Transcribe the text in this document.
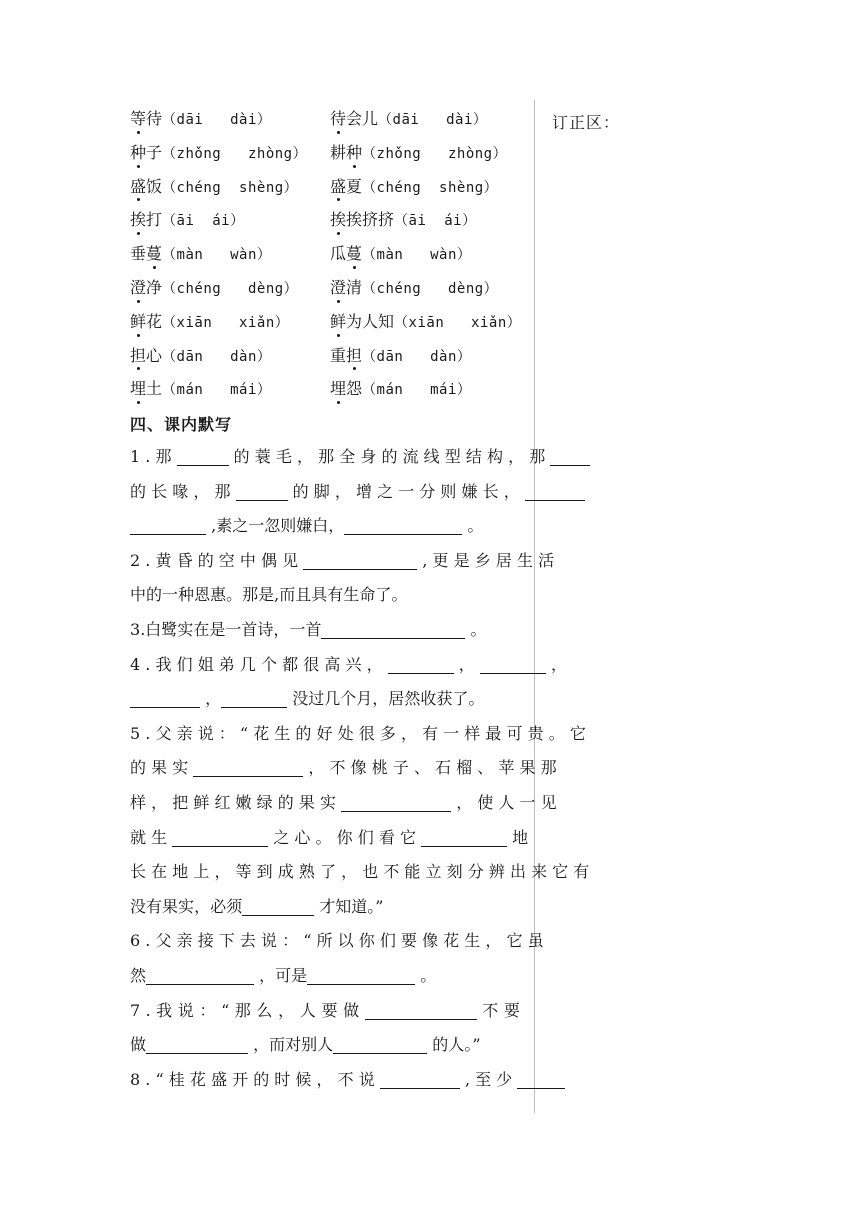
订正区：
等待（dāi   dài）	待会儿（dāi   dài）
种子（zhǒng   zhòng） 耕种（zhǒng   zhòng）
盛饭（chéng  shèng） 盛夏（chéng  shèng）
挨打（āi  ái）	挨挨挤挤（āi  ái）
垂蔓（màn   wàn）	瓜蔓（màn   wàn）
澄净（chéng   dèng） 澄清（chéng   dèng）
鲜花（xiān   xiǎn）	鲜为人知（xiān   xiǎn）
担心（dān   dàn）	重担（dān   dàn）
埋土（mán   mái）	埋怨（mán   mái）
四、课内默写
1 . 那	的 蓑 毛 ， 那 全 身 的 流 线 型 结 构 ， 那
的 长 喙 ， 那	的 脚 ， 增 之 一 分 则 嫌 长 ，
,素之一忽则嫌白，	。
2 . 黄 昏 的 空 中 偶 见	, 更 是 乡 居 生 活
中的一种恩惠。那是,而且具有生命了。
3.白鹭实在是一首诗，一首	。
4 . 我 们 姐 弟 几 个 都 很 高 兴 ，	，	，
，	没过几个月，居然收获了。
5 . 父 亲 说 ： “ 花 生 的 好 处 很 多 ， 有 一 样 最 可 贵 。 它
的 果 实	， 不 像 桃 子 、 石 榴 、 苹 果 那
样 ， 把 鲜 红 嫩 绿 的 果 实	， 使 人 一 见
就 生	之 心 。 你 们 看 它	地
长 在 地 上 ， 等 到 成 熟 了 ， 也 不 能 立 刻 分 辨 出 来 它 有
没有果实，必须	才知道。”
6 . 父 亲 接 下 去 说 ： “ 所 以 你 们 要 像 花 生 ， 它 虽
然	，可是	。
7 . 我 说 ： “ 那 么 ， 人 要 做	不 要
做	，而对别人	的人。”
8 . “ 桂 花 盛 开 的 时 候 ， 不 说	, 至 少
